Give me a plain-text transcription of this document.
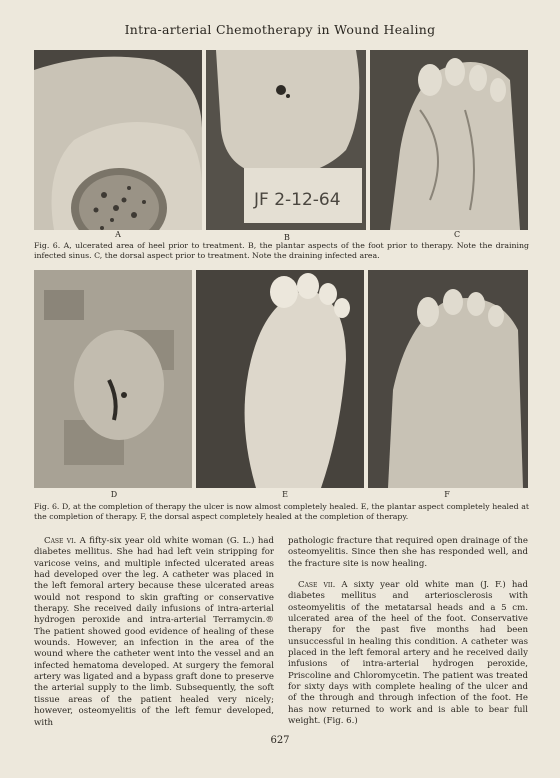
Intra-arterial Chemotherapy in Wound Healing
JF 2-12-64
A	B	C
Fig. 6. A, ulcerated area of heel prior to treatment. B, the plantar aspects of the foot prior to therapy. Note the draining infected sinus. C, the dorsal aspect prior to treatment. Note the draining infected area.
D	E	F
Fig. 6. D, at the completion of therapy the ulcer is now almost completely healed. E, the plantar aspect completely healed at the completion of therapy. F, the dorsal aspect completely healed at the completion of therapy.

Case vi. A fifty-six year old white woman (G. L.) had diabetes mellitus. She had had left vein stripping for varicose veins, and multiple infected ulcerated areas had developed over the leg. A catheter was placed in the left femoral artery because these ulcerated areas would not respond to skin grafting or conservative therapy. She received daily infusions of intra-arterial hydrogen peroxide and intra-arterial Terramycin.® The patient showed good evidence of healing of these wounds. However, an infection in the area of the wound where the catheter went into the vessel and an infected hematoma developed. At surgery the femoral artery was ligated and a bypass graft done to preserve the arterial supply to the limb. Subsequently, the soft tissue areas of the patient healed very nicely; however, osteomyelitis of the left femur developed, with

pathologic fracture that required open drainage of the osteomyelitis. Since then she has responded well, and the fracture site is now healing.

Case vii. A sixty year old white man (J. F.) had diabetes mellitus and arteriosclerosis with osteomyelitis of the metatarsal heads and a 5 cm. ulcerated area of the heel of the foot. Conservative therapy for the past five months had been unsuccessful in healing this condition. A catheter was placed in the left femoral artery and he received daily infusions of intra-arterial hydrogen peroxide, Priscoline and Chloromycetin. The patient was treated for sixty days with complete healing of the ulcer and of the through and through infection of the foot. He has now returned to work and is able to bear full weight. (Fig. 6.)

627
